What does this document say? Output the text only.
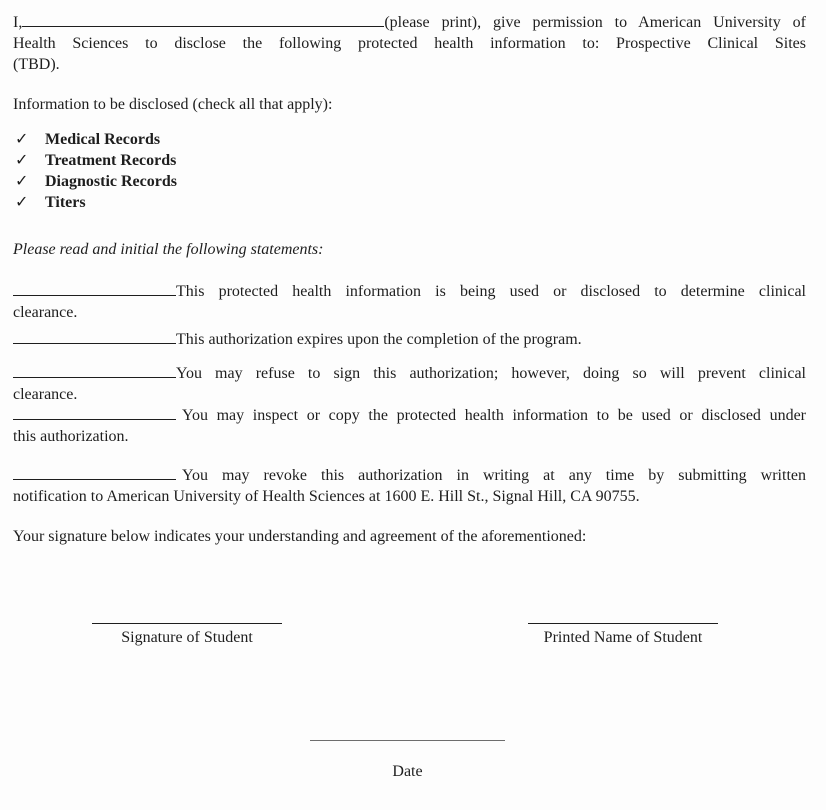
I,	(please print), give permission to American University of
Health Sciences to disclose the following protected health information to: Prospective Clinical Sites
(TBD).
Information to be disclosed (check all that apply):
✓ Medical Records
✓ Treatment Records
✓ Diagnostic Records
✓ Titers
Please read and initial the following statements:
This protected health information is being used or disclosed to determine clinical
clearance.
This authorization expires upon the completion of the program.
You may refuse to sign this authorization; however, doing so will prevent clinical
clearance.
You may inspect or copy the protected health information to be used or disclosed under
this authorization.
You may revoke this authorization in writing at any time by submitting written
notification to American University of Health Sciences at 1600 E. Hill St., Signal Hill, CA 90755.
Your signature below indicates your understanding and agreement of the aforementioned:
Signature of Student	Printed Name of Student
Date
